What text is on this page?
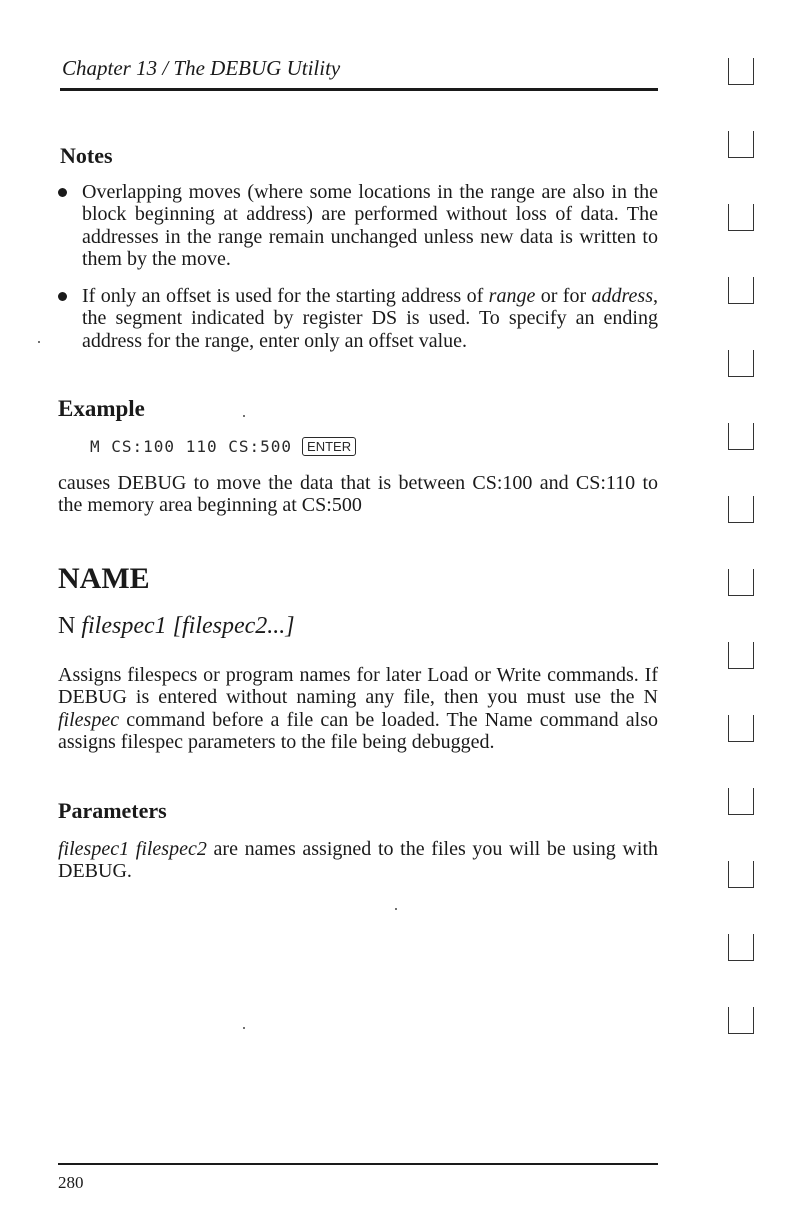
Chapter 13 / The DEBUG Utility
Notes
Overlapping moves (where some locations in the range are also in the block beginning at address) are performed without loss of data. The addresses in the range remain unchanged unless new data is written to them by the move.
If only an offset is used for the starting address of range or for address, the segment indicated by register DS is used. To specify an ending address for the range, enter only an offset value.
Example
M CS:100 110 CS:500	ENTER

causes DEBUG to move the data that is between CS:100 and CS:110 to the memory area beginning at CS:500

NAME

N filespec1 [filespec2...]

Assigns filespecs or program names for later Load or Write commands. If DEBUG is entered without naming any file, then you must use the N filespec command before a file can be loaded. The Name command also assigns filespec parameters to the file being debugged.

Parameters

filespec1 filespec2 are names assigned to the files you will be using with DEBUG.

280
